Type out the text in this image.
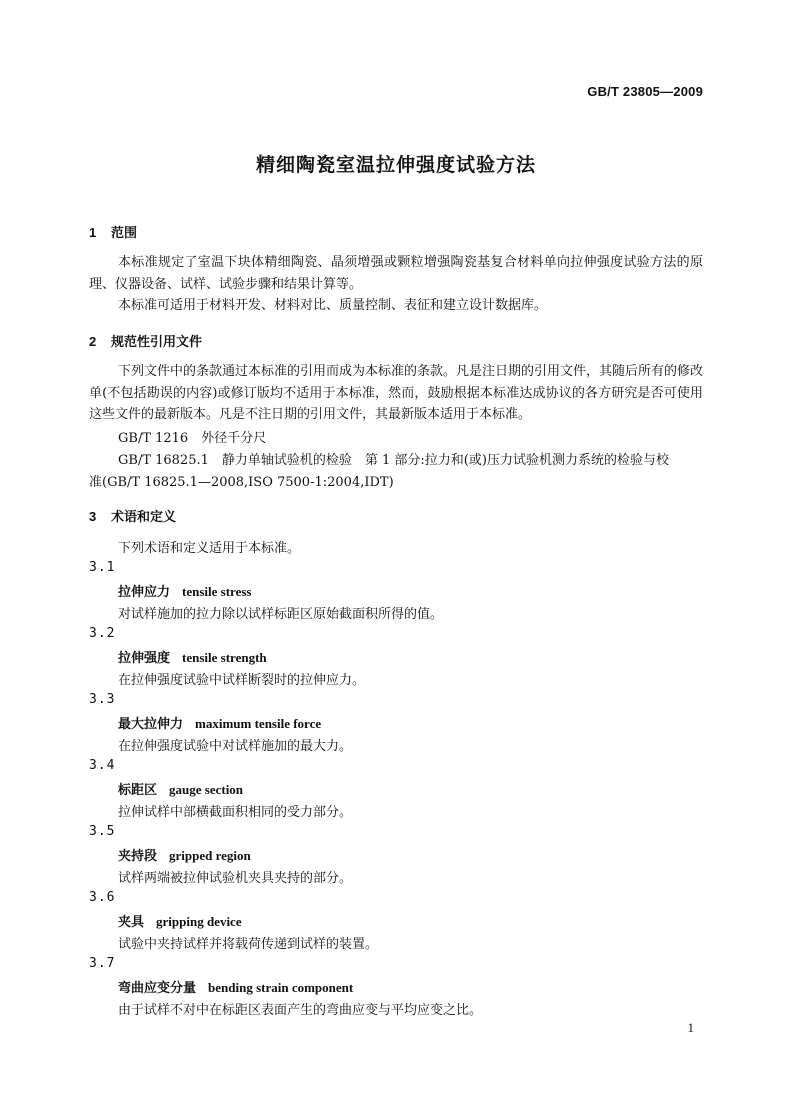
GB/T 23805—2009
精细陶瓷室温拉伸强度试验方法
1 范围
本标准规定了室温下块体精细陶瓷、晶须增强或颗粒增强陶瓷基复合材料单向拉伸强度试验方法的原理、仪器设备、试样、试验步骤和结果计算等。
本标准可适用于材料开发、材料对比、质量控制、表征和建立设计数据库。
2 规范性引用文件
下列文件中的条款通过本标准的引用而成为本标准的条款。凡是注日期的引用文件，其随后所有的修改单(不包括勘误的内容)或修订版均不适用于本标准，然而，鼓励根据本标准达成协议的各方研究是否可使用这些文件的最新版本。凡是不注日期的引用文件，其最新版本适用于本标准。
GB/T 1216　外径千分尺
GB/T 16825.1　静力单轴试验机的检验　第 1 部分:拉力和(或)压力试验机测力系统的检验与校
准(GB/T 16825.1—2008,ISO 7500-1:2004,IDT)
3 术语和定义
下列术语和定义适用于本标准。
3.1
拉伸应力 tensile stress
对试样施加的拉力除以试样标距区原始截面积所得的值。
3.2
拉伸强度 tensile strength
在拉伸强度试验中试样断裂时的拉伸应力。
3.3
最大拉伸力 maximum tensile force
在拉伸强度试验中对试样施加的最大力。
3.4
标距区 gauge section
拉伸试样中部横截面积相同的受力部分。
3.5
夹持段 gripped region
试样两端被拉伸试验机夹具夹持的部分。
3.6
夹具 gripping device
试验中夹持试样并将载荷传递到试样的装置。
3.7
弯曲应变分量 bending strain component
由于试样不对中在标距区表面产生的弯曲应变与平均应变之比。
1
